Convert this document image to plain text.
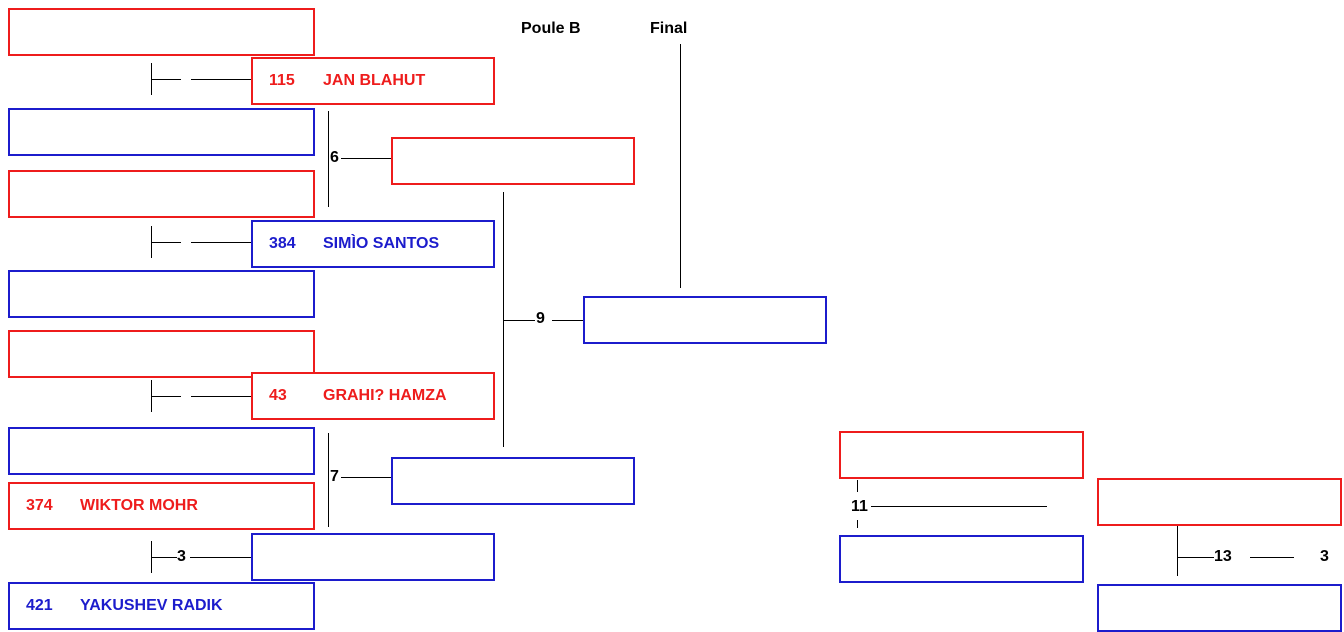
Poule B	Final
374	WIKTOR MOHR
421	YAKUSHEV RADIK
115	JAN BLAHUT
384	SIMÌO SANTOS
43	GRAHI? HAMZA
3
6
7
9
11
13	3
